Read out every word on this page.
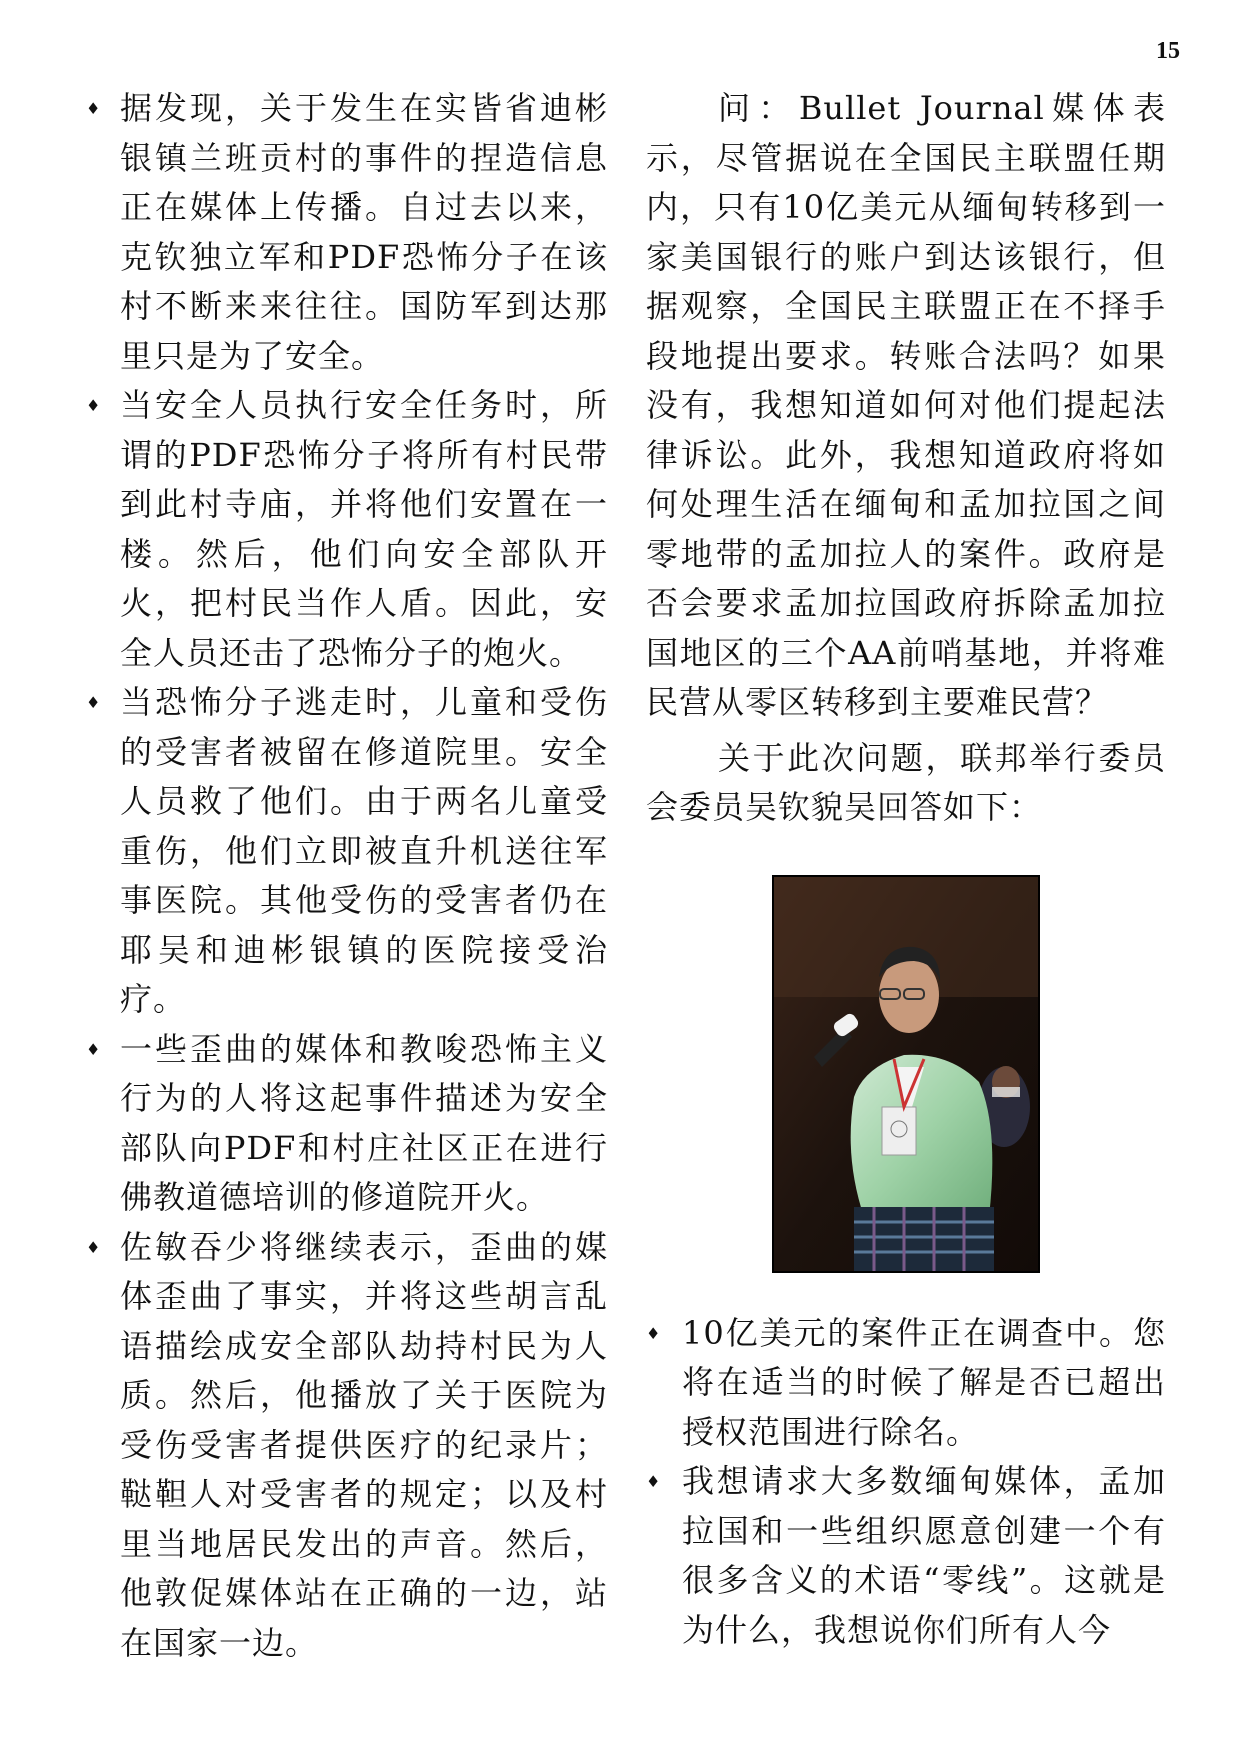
15
♦ 据发现，关于发生在实皆省迪彬银镇兰班贡村的事件的捏造信息正在媒体上传播。自过去以来，克钦独立军和PDF恐怖分子在该村不断来来往往。国防军到达那里只是为了安全。

♦ 当安全人员执行安全任务时，所谓的PDF恐怖分子将所有村民带到此村寺庙，并将他们安置在一楼。然后，他们向安全部队开火，把村民当作人盾。因此，安全人员还击了恐怖分子的炮火。

♦ 当恐怖分子逃走时，儿童和受伤的受害者被留在修道院里。安全人员救了他们。由于两名儿童受重伤，他们立即被直升机送往军事医院。其他受伤的受害者仍在耶吴和迪彬银镇的医院接受治疗。

♦ 一些歪曲的媒体和教唆恐怖主义行为的人将这起事件描述为安全部队向PDF和村庄社区正在进行佛教道德培训的修道院开火。

♦ 佐敏吞少将继续表示，歪曲的媒体歪曲了事实，并将这些胡言乱语描绘成安全部队劫持村民为人质。然后，他播放了关于医院为受伤受害者提供医疗的纪录片；鞑靼人对受害者的规定；以及村里当地居民发出的声音。然后，他敦促媒体站在正确的一边，站在国家一边。

问：Bullet Journal媒体表示，尽管据说在全国民主联盟任期内，只有10亿美元从缅甸转移到一家美国银行的账户到达该银行，但据观察，全国民主联盟正在不择手段地提出要求。转账合法吗？如果没有，我想知道如何对他们提起法律诉讼。此外，我想知道政府将如何处理生活在缅甸和孟加拉国之间零地带的孟加拉人的案件。政府是否会要求孟加拉国政府拆除孟加拉国地区的三个AA前哨基地，并将难民营从零区转移到主要难民营？

关于此次问题，联邦举行委员会委员吴钦貌吴回答如下：

♦ 10亿美元的案件正在调查中。您将在适当的时候了解是否已超出授权范围进行除名。

♦ 我想请求大多数缅甸媒体，孟加拉国和一些组织愿意创建一个有很多含义的术语“零线”。这就是为什么，我想说你们所有人今
